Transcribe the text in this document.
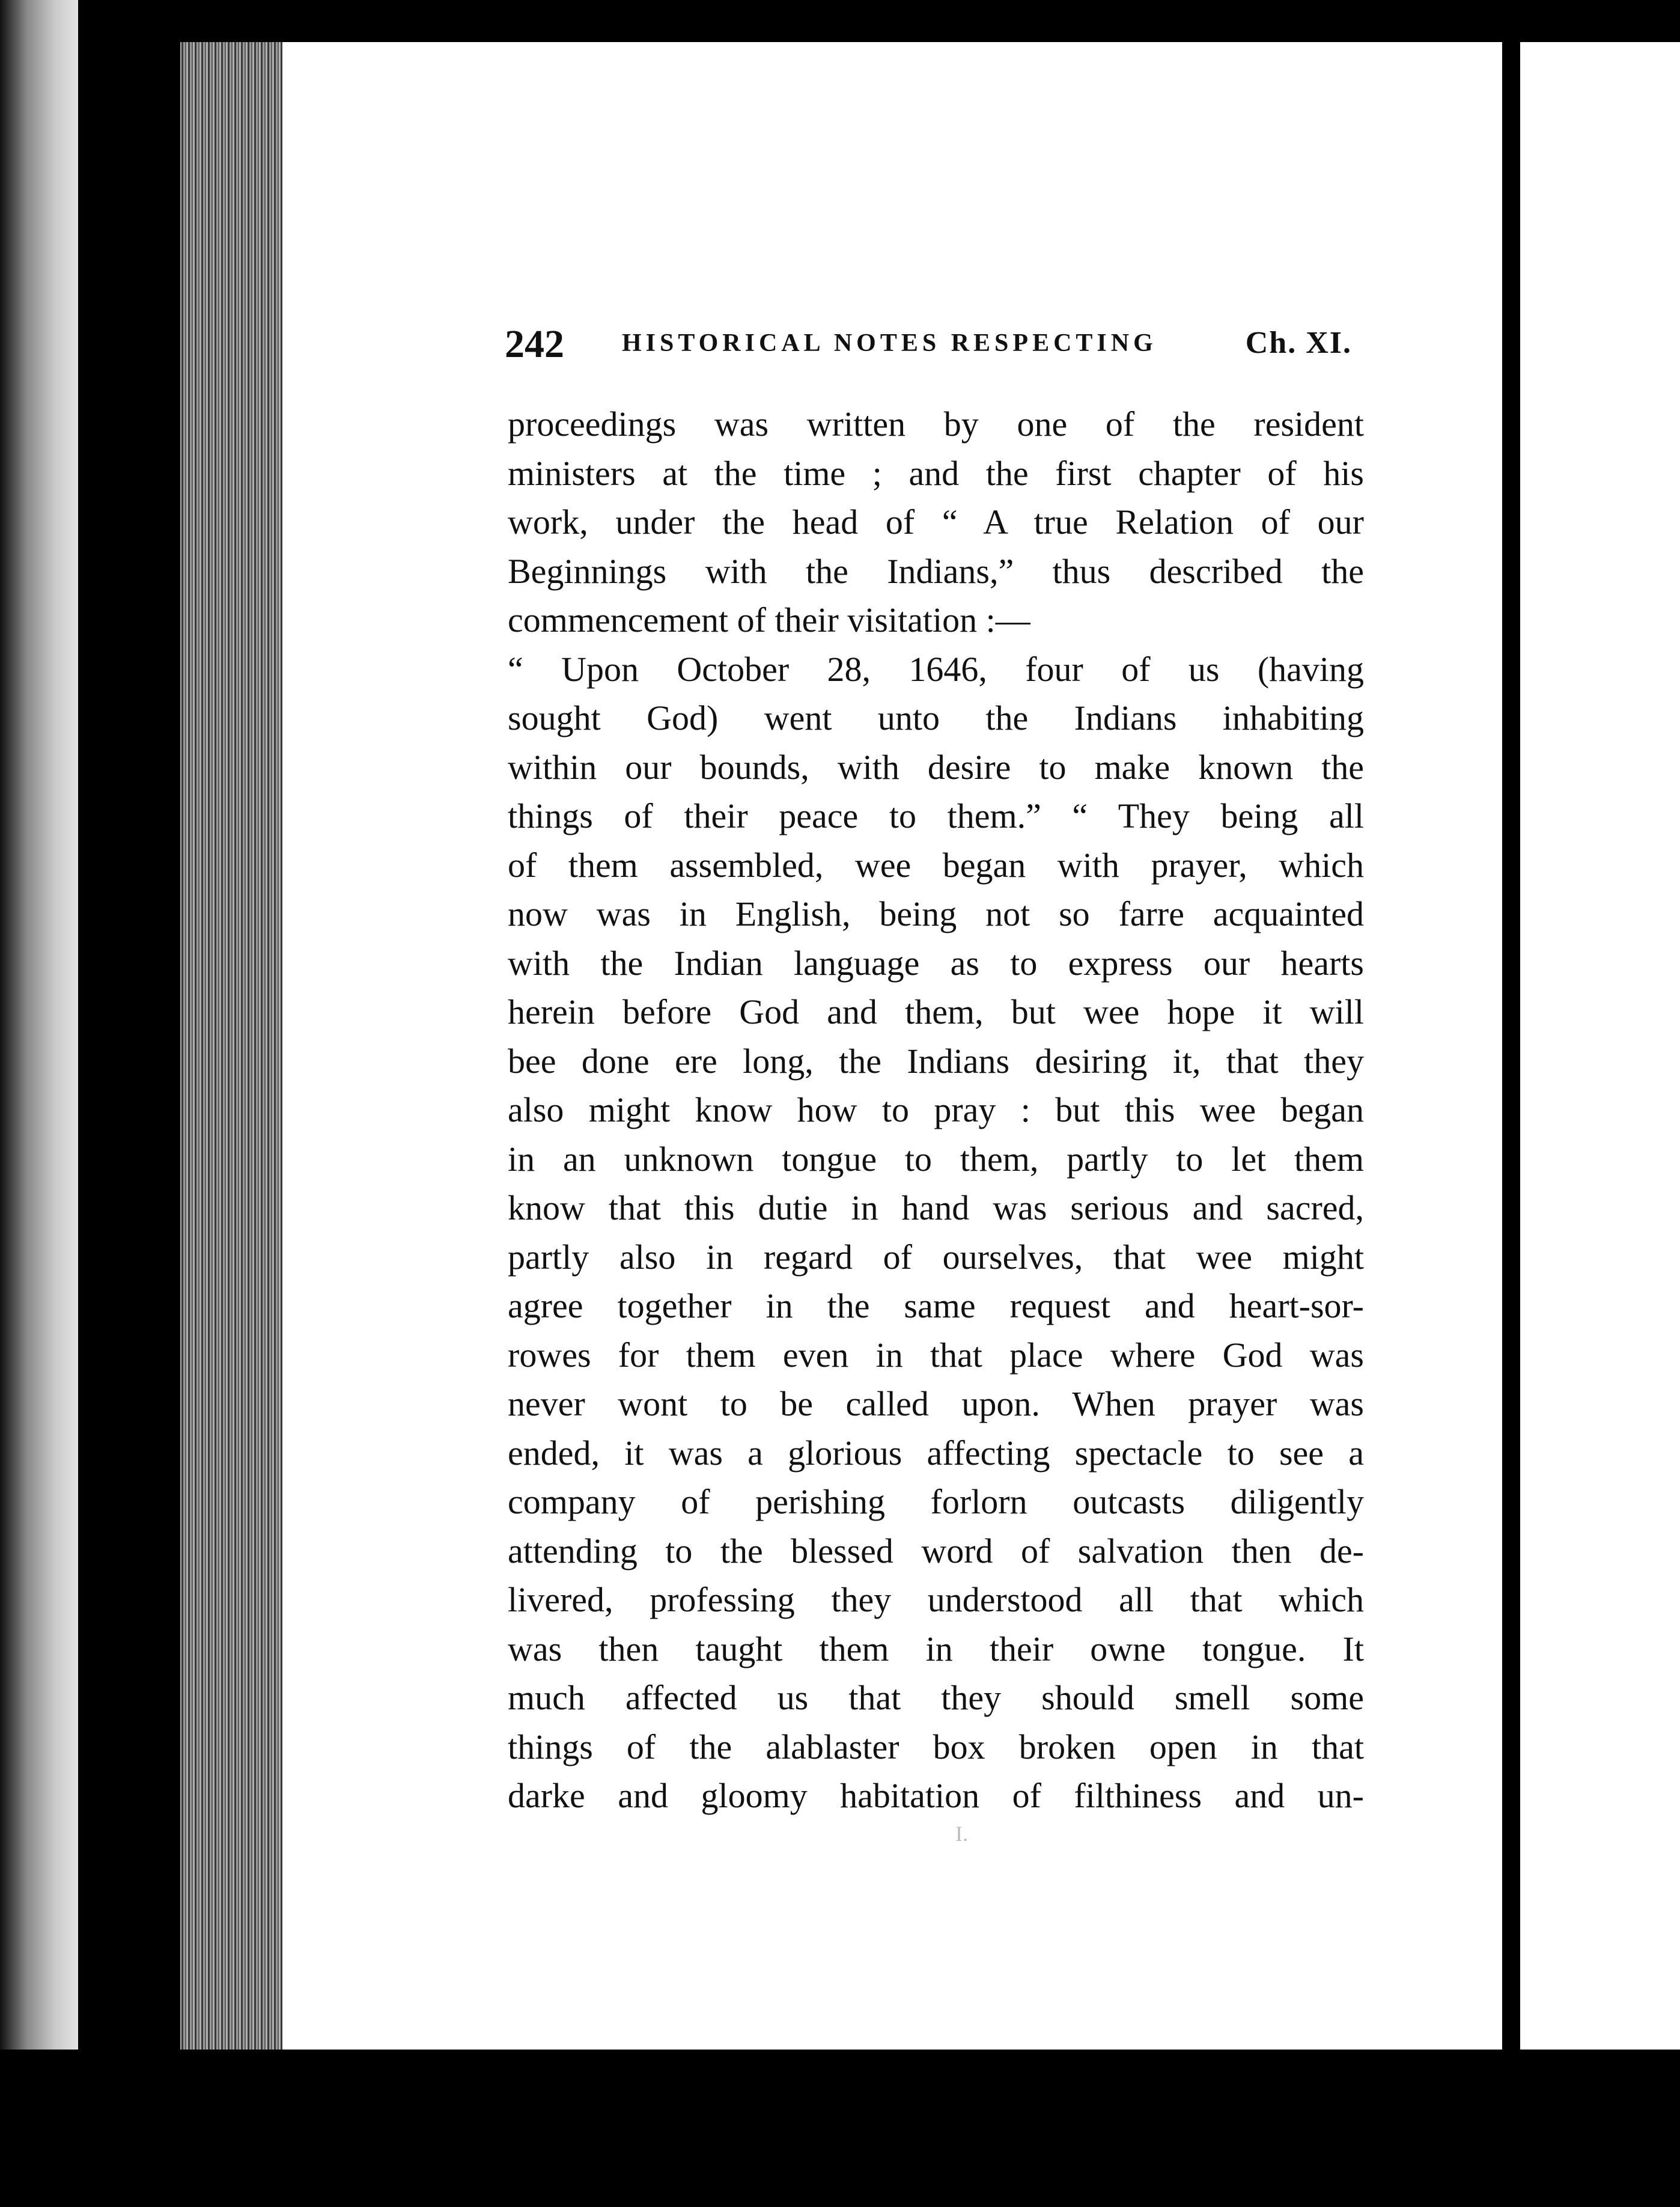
242 HISTORICAL NOTES RESPECTING	Ch. XI.
proceedings was written by one of the resident
ministers at the time ; and the first chapter of his
work, under the head of “ A true Relation of our
Beginnings with the Indians,” thus described the
commencement of their visitation :—
“ Upon October 28, 1646, four of us (having
sought God) went unto the Indians inhabiting
within our bounds, with desire to make known the
things of their peace to them.” “ They being all
of them assembled, wee began with prayer, which
now was in English, being not so farre acquainted
with the Indian language as to express our hearts
herein before God and them, but wee hope it will
bee done ere long, the Indians desiring it, that they
also might know how to pray : but this wee began
in an unknown tongue to them, partly to let them
know that this dutie in hand was serious and sacred,
partly also in regard of ourselves, that wee might
agree together in the same request and heart-sor-
rowes for them even in that place where God was
never wont to be called upon. When prayer was
ended, it was a glorious affecting spectacle to see a
company of perishing forlorn outcasts diligently
attending to the blessed word of salvation then de-
livered, professing they understood all that which
was then taught them in their owne tongue. It
much affected us that they should smell some
things of the alablaster box broken open in that
darke and gloomy habitation of filthiness and un-
I.
